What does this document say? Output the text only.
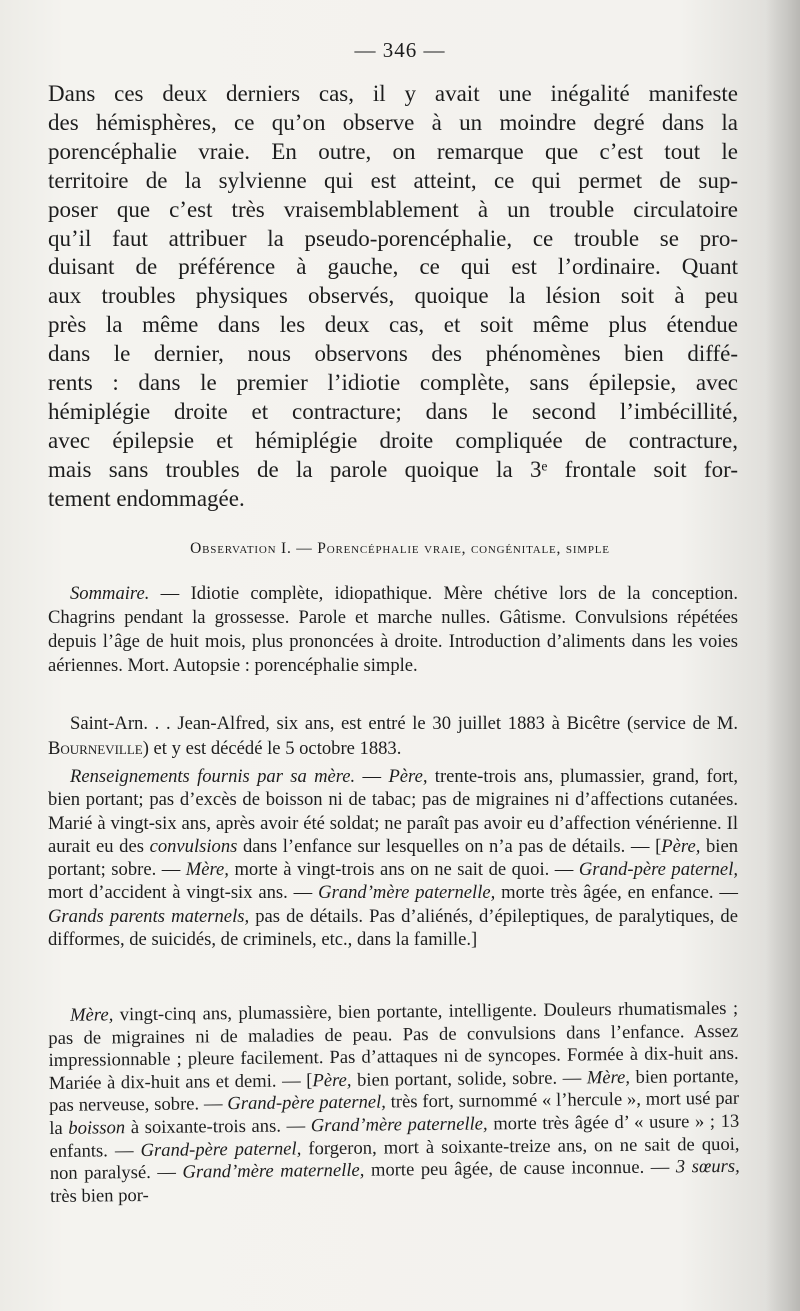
— 346 —
Dans ces deux derniers cas, il y avait une inégalité manifeste
des hémisphères, ce qu’on observe à un moindre degré dans la
porencéphalie vraie. En outre, on remarque que c’est tout le
territoire de la sylvienne qui est atteint, ce qui permet de sup-
poser que c’est très vraisemblablement à un trouble circulatoire
qu’il faut attribuer la pseudo-porencéphalie, ce trouble se pro-
duisant de préférence à gauche, ce qui est l’ordinaire. Quant
aux troubles physiques observés, quoique la lésion soit à peu
près la même dans les deux cas, et soit même plus étendue
dans le dernier, nous observons des phénomènes bien diffé-
rents : dans le premier l’idiotie complète, sans épilepsie, avec
hémiplégie droite et contracture; dans le second l’imbécillité,
avec épilepsie et hémiplégie droite compliquée de contracture,
mais sans troubles de la parole quoique la 3ᵉ frontale soit for-
tement endommagée.
Observation I. — Porencéphalie vraie, congénitale, simple
Sommaire. — Idiotie complète, idiopathique. Mère chétive lors de la conception. Chagrins pendant la grossesse. Parole et marche nulles. Gâtisme. Convulsions répétées depuis l’âge de huit mois, plus prononcées à droite. Introduction d’aliments dans les voies aériennes. Mort. Autopsie : porencéphalie simple.
Saint-Arn. . . Jean-Alfred, six ans, est entré le 30 juillet 1883 à Bicêtre (service de M. Bourneville) et y est décédé le 5 octobre 1883.
Renseignements fournis par sa mère. — Père, trente-trois ans, plumassier, grand, fort, bien portant; pas d’excès de boisson ni de tabac; pas de migraines ni d’affections cutanées. Marié à vingt-six ans, après avoir été soldat; ne paraît pas avoir eu d’affection vénérienne. Il aurait eu des convulsions dans l’enfance sur lesquelles on n’a pas de détails. — [Père, bien portant; sobre. — Mère, morte à vingt-trois ans on ne sait de quoi. — Grand-père paternel, mort d’accident à vingt-six ans. — Grand’mère paternelle, morte très âgée, en enfance. — Grands parents maternels, pas de détails. Pas d’aliénés, d’épileptiques, de paralytiques, de difformes, de suicidés, de criminels, etc., dans la famille.]
Mère, vingt-cinq ans, plumassière, bien portante, intelligente. Douleurs rhumatismales ; pas de migraines ni de maladies de peau. Pas de convulsions dans l’enfance. Assez impressionnable ; pleure facilement. Pas d’attaques ni de syncopes. Formée à dix-huit ans. Mariée à dix-huit ans et demi. — [Père, bien portant, solide, sobre. — Mère, bien portante, pas nerveuse, sobre. — Grand-père paternel, très fort, surnommé « l’hercule », mort usé par la boisson à soixante-trois ans. — Grand’mère paternelle, morte très âgée d’ « usure » ; 13 enfants. — Grand-père paternel, forgeron, mort à soixante-treize ans, on ne sait de quoi, non paralysé. — Grand’mère maternelle, morte peu âgée, de cause inconnue. — 3 sœurs, très bien por-
